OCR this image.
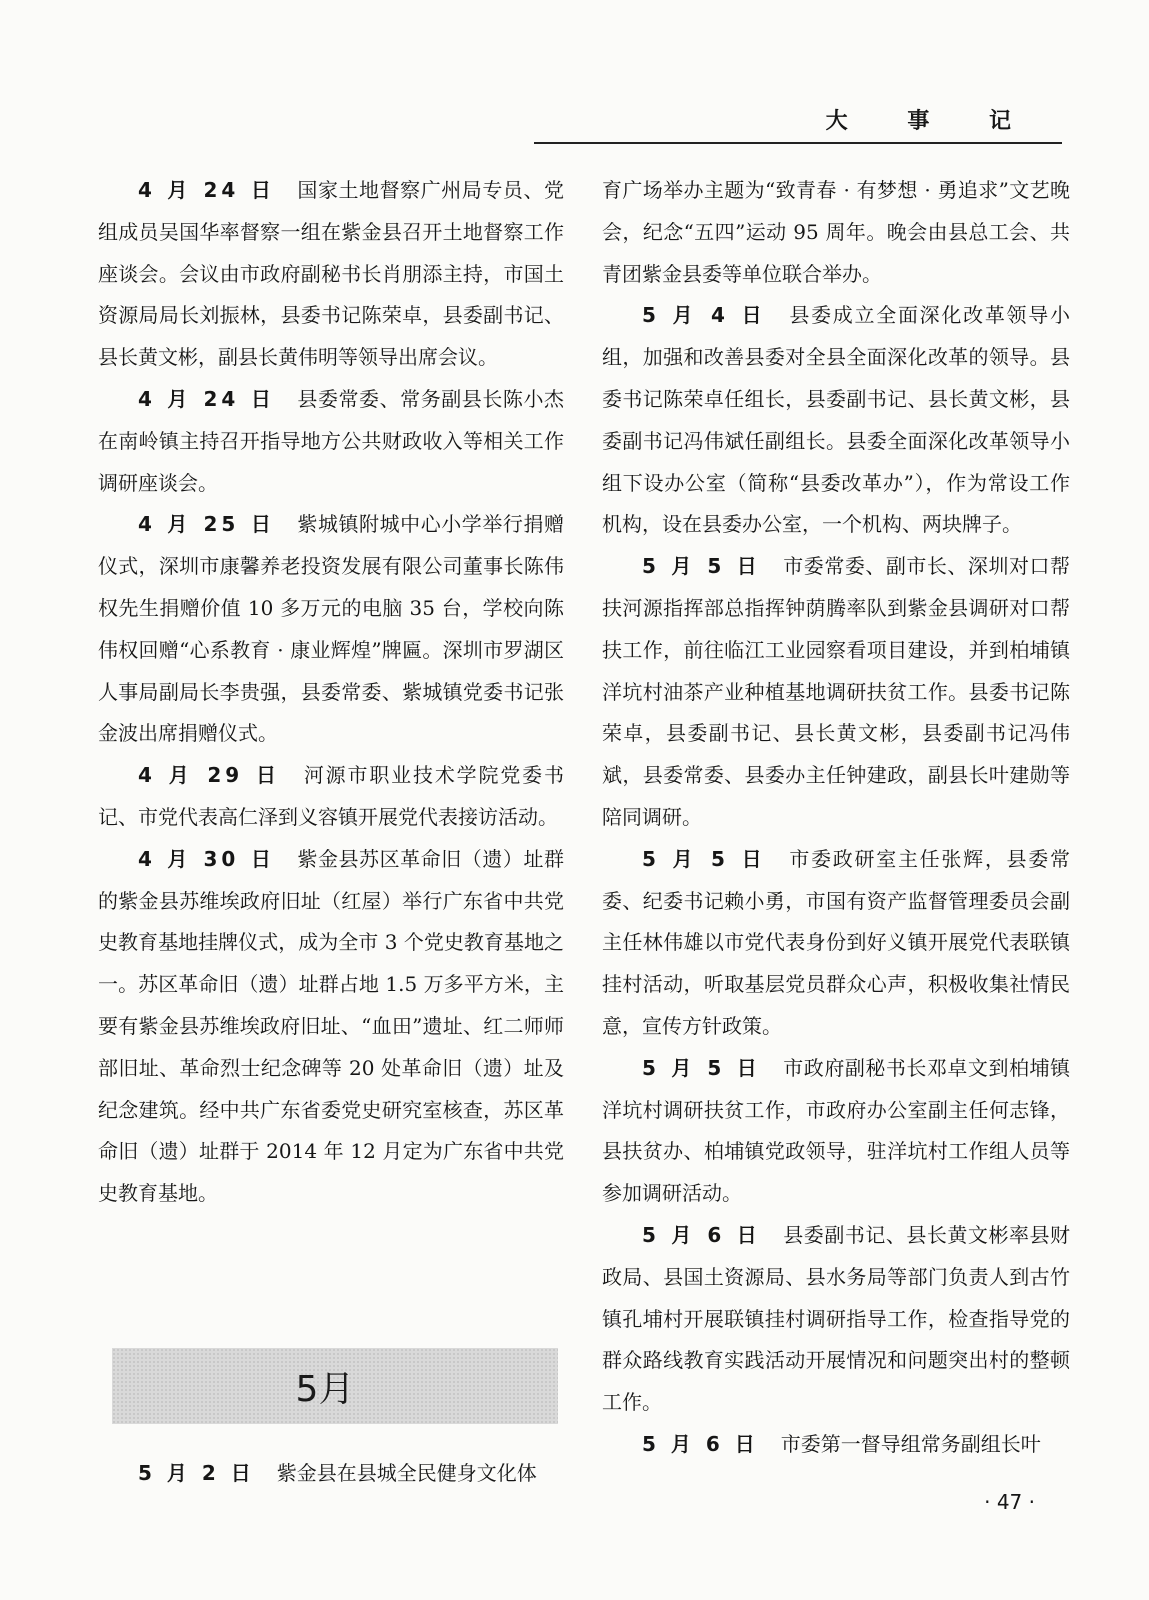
大 事 记

4 月 24 日 国家土地督察广州局专员、党组成员吴国华率督察一组在紫金县召开土地督察工作座谈会。会议由市政府副秘书长肖朋添主持，市国土资源局局长刘振林，县委书记陈荣卓，县委副书记、县长黄文彬，副县长黄伟明等领导出席会议。

4 月 24 日 县委常委、常务副县长陈小杰在南岭镇主持召开指导地方公共财政收入等相关工作调研座谈会。

4 月 25 日 紫城镇附城中心小学举行捐赠仪式，深圳市康馨养老投资发展有限公司董事长陈伟权先生捐赠价值 10 多万元的电脑 35 台，学校向陈伟权回赠“心系教育 · 康业辉煌”牌匾。深圳市罗湖区人事局副局长李贵强，县委常委、紫城镇党委书记张金波出席捐赠仪式。

4 月 29 日 河源市职业技术学院党委书记、市党代表高仁泽到义容镇开展党代表接访活动。

4 月 30 日 紫金县苏区革命旧（遗）址群的紫金县苏维埃政府旧址（红屋）举行广东省中共党史教育基地挂牌仪式，成为全市 3 个党史教育基地之一。苏区革命旧（遗）址群占地 1.5 万多平方米，主要有紫金县苏维埃政府旧址、“血田”遗址、红二师师部旧址、革命烈士纪念碑等 20 处革命旧（遗）址及纪念建筑。经中共广东省委党史研究室核查，苏区革命旧（遗）址群于 2014 年 12 月定为广东省中共党史教育基地。

5月

5 月 2 日 紫金县在县城全民健身文化体

育广场举办主题为“致青春 · 有梦想 · 勇追求”文艺晚会，纪念“五四”运动 95 周年。晚会由县总工会、共青团紫金县委等单位联合举办。

5 月 4 日 县委成立全面深化改革领导小组，加强和改善县委对全县全面深化改革的领导。县委书记陈荣卓任组长，县委副书记、县长黄文彬，县委副书记冯伟斌任副组长。县委全面深化改革领导小组下设办公室（简称“县委改革办”），作为常设工作机构，设在县委办公室，一个机构、两块牌子。

5 月 5 日 市委常委、副市长、深圳对口帮扶河源指挥部总指挥钟荫腾率队到紫金县调研对口帮扶工作，前往临江工业园察看项目建设，并到柏埔镇洋坑村油茶产业种植基地调研扶贫工作。县委书记陈荣卓，县委副书记、县长黄文彬，县委副书记冯伟斌，县委常委、县委办主任钟建政，副县长叶建勋等陪同调研。

5 月 5 日 市委政研室主任张辉，县委常委、纪委书记赖小勇，市国有资产监督管理委员会副主任林伟雄以市党代表身份到好义镇开展党代表联镇挂村活动，听取基层党员群众心声，积极收集社情民意，宣传方针政策。

5 月 5 日 市政府副秘书长邓卓文到柏埔镇洋坑村调研扶贫工作，市政府办公室副主任何志锋，县扶贫办、柏埔镇党政领导，驻洋坑村工作组人员等参加调研活动。

5 月 6 日 县委副书记、县长黄文彬率县财政局、县国土资源局、县水务局等部门负责人到古竹镇孔埔村开展联镇挂村调研指导工作，检查指导党的群众路线教育实践活动开展情况和问题突出村的整顿工作。

5 月 6 日 市委第一督导组常务副组长叶

· 47 ·
